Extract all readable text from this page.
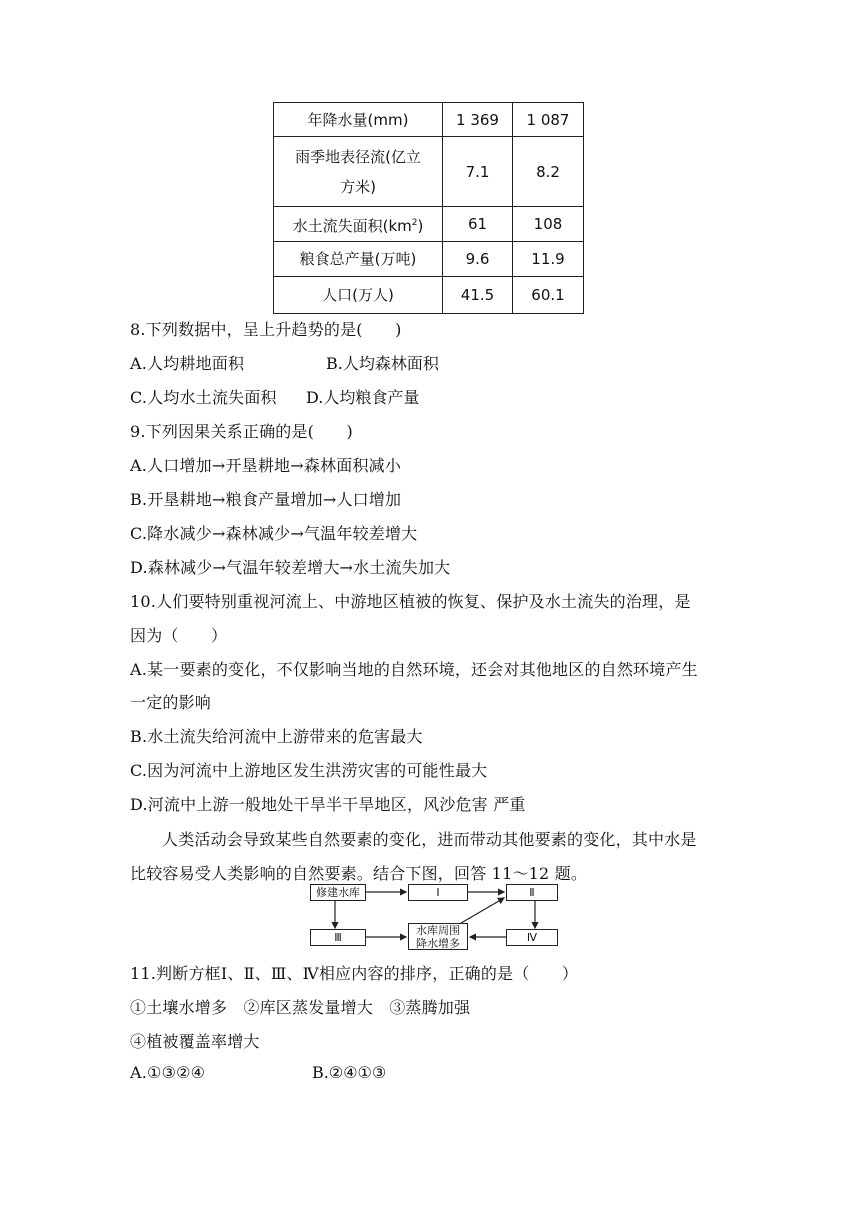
年降水量(mm)	1 369	1 087

雨季地表径流(亿立
方米)	7.1	8.2
水土流失面积$(km^2)$	61	108
粮食总产量(万吨)	9.6	11.9
人口(万人)	41.5	60.1
8.下列数据中，呈上升趋势的是(　　)
A.人均耕地面积	B.人均森林面积
C.人均水土流失面积 D.人均粮食产量
9.下列因果关系正确的是(　　)
A.人口增加→开垦耕地→森林面积减小
B.开垦耕地→粮食产量增加→人口增加
C.降水减少→森林减少→气温年较差增大
D.森林减少→气温年较差增大→水土流失加大
10.人们要特别重视河流上、中游地区植被的恢复、保护及水土流失的治理，是
因为（　　）
A.某一要素的变化，不仅影响当地的自然环境，还会对其他地区的自然环境产生
一定的影响
B.水土流失给河流中上游带来的危害最大
C.因为河流中上游地区发生洪涝灾害的可能性最大
D.河流中上游一般地处干旱半干旱地区，风沙危害 严重
人类活动会导致某些自然要素的变化，进而带动其他要素的变化，其中水是
比较容易受人类影响的自然要素。结合下图，回答 11～12 题。
修建水库	Ⅰ	Ⅱ
Ⅲ
水库周围
降水增多	Ⅳ
11.判断方框Ⅰ、Ⅱ、Ⅲ、Ⅳ相应内容的排序，正确的是（　　）
①土壤水增多　②库区蒸发量增大　③蒸腾加强
④植被覆盖率增大
A.①③②④	B.②④①③
